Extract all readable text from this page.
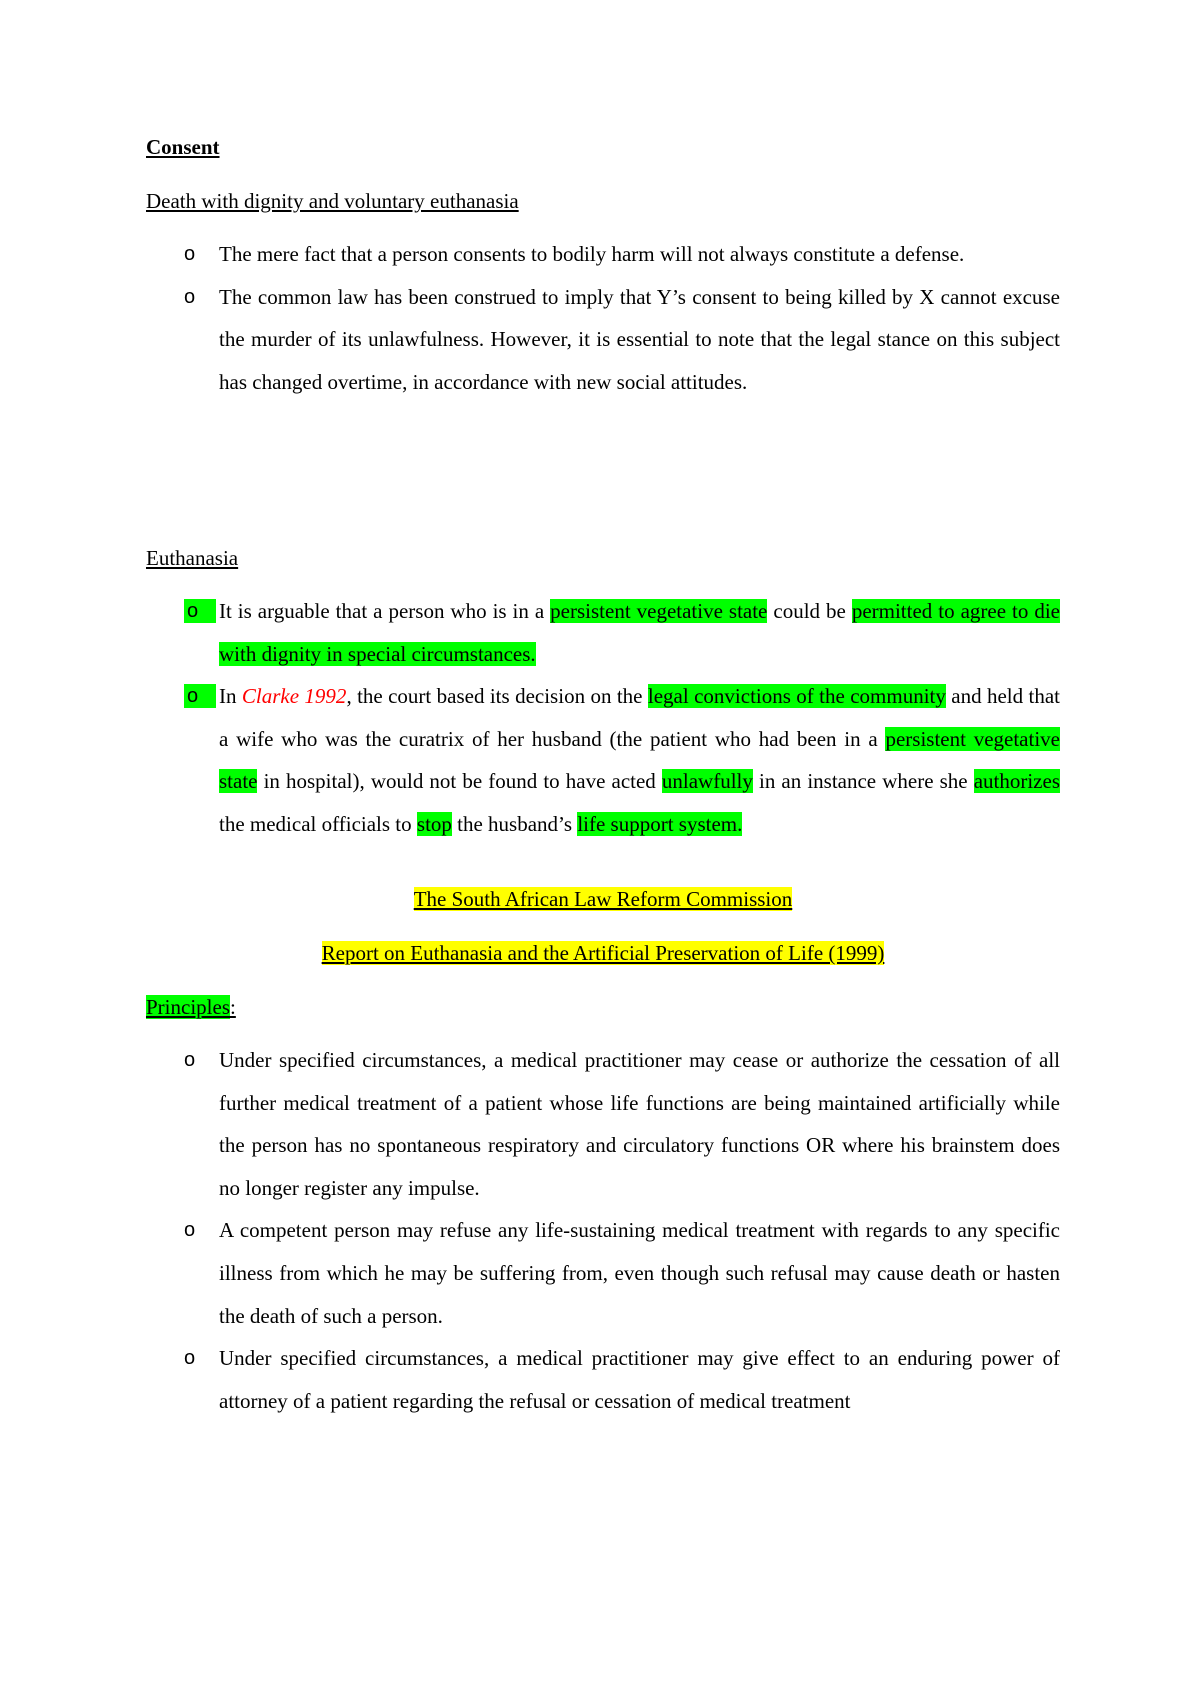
Consent
Death with dignity and voluntary euthanasia
o	The mere fact that a person consents to bodily harm will not always constitute a defense.
o	The common law has been construed to imply that Y’s consent to being killed by X cannot excuse the murder of its unlawfulness. However, it is essential to note that the legal stance on this subject has changed overtime, in accordance with new social attitudes.
Euthanasia
o It is arguable that a person who is in a persistent vegetative state could be permitted to agree to die with dignity in special circumstances.
o In Clarke 1992, the court based its decision on the legal convictions of the community and held that a wife who was the curatrix of her husband (the patient who had been in a persistent vegetative state in hospital), would not be found to have acted unlawfully in an instance where she authorizes the medical officials to stop the husband’s life support system.
The South African Law Reform Commission
Report on Euthanasia and the Artificial Preservation of Life (1999)
Principles:
o	Under specified circumstances, a medical practitioner may cease or authorize the cessation of all further medical treatment of a patient whose life functions are being maintained artificially while the person has no spontaneous respiratory and circulatory functions OR where his brainstem does no longer register any impulse.
o	A competent person may refuse any life-sustaining medical treatment with regards to any specific illness from which he may be suffering from, even though such refusal may cause death or hasten the death of such a person.
o	Under specified circumstances, a medical practitioner may give effect to an enduring power of attorney of a patient regarding the refusal or cessation of medical treatment
